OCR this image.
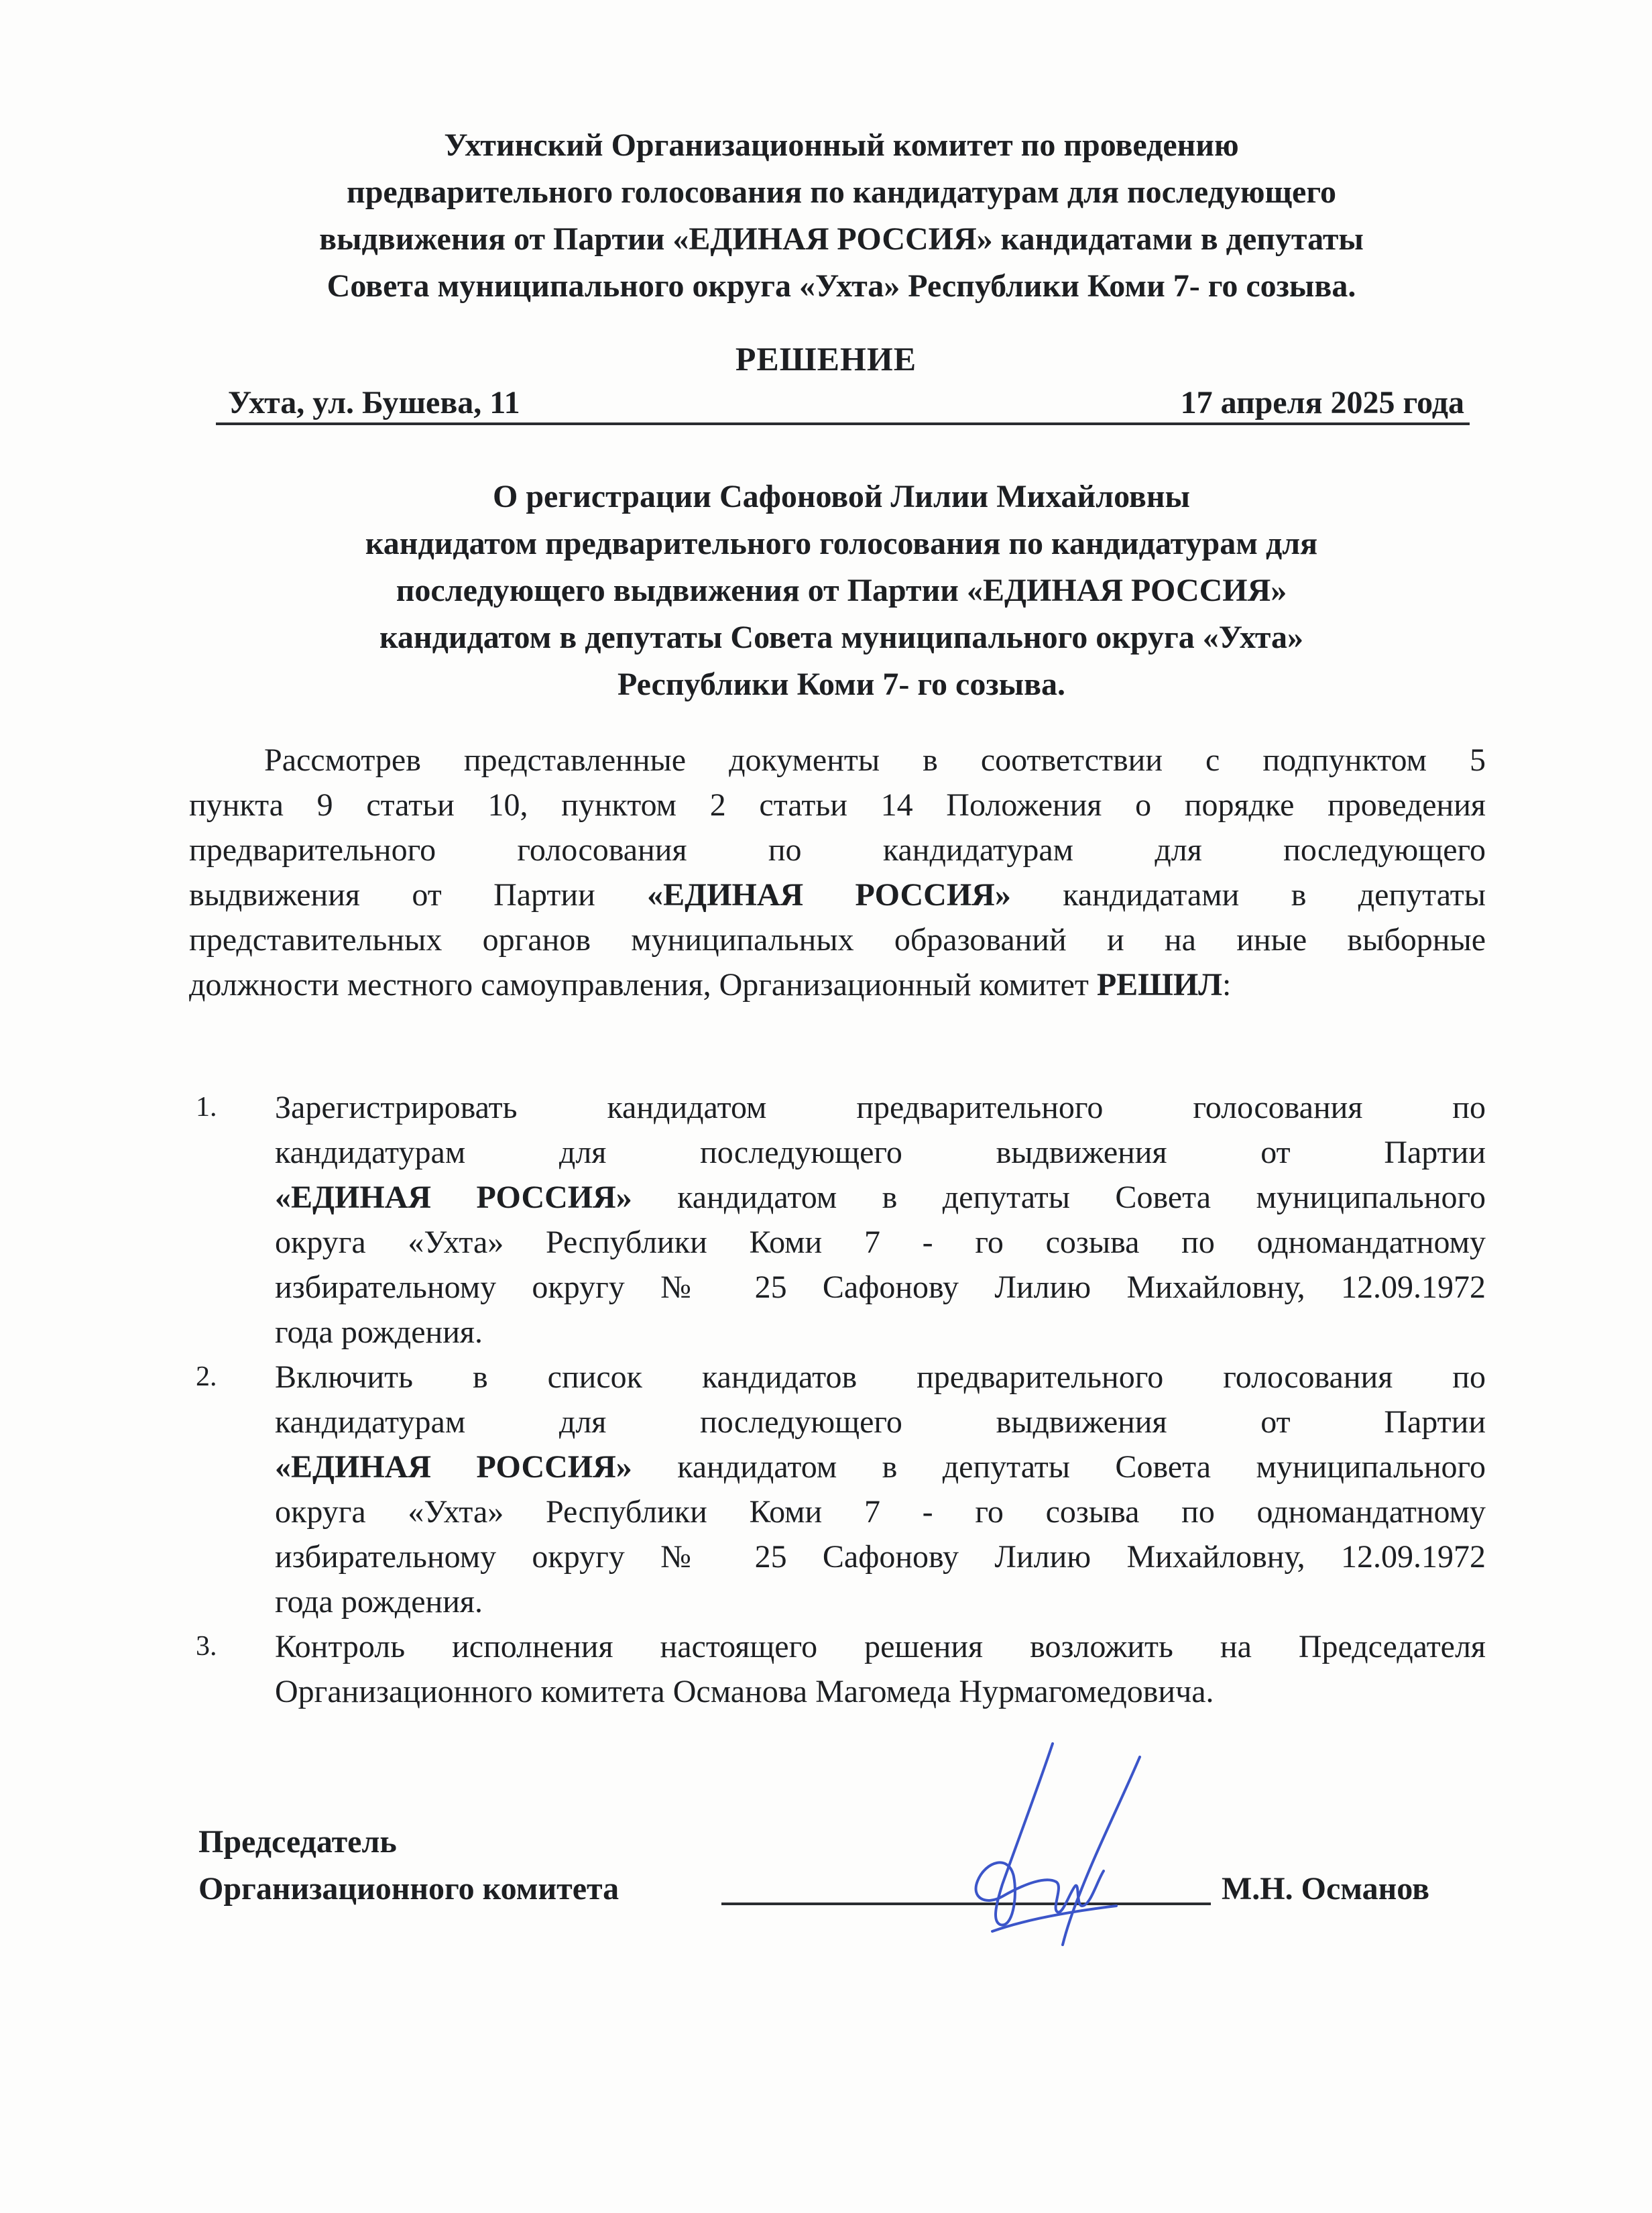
Ухтинский Организационный комитет по проведению
предварительного голосования по кандидатурам для последующего
выдвижения от Партии «ЕДИНАЯ РОССИЯ» кандидатами в депутаты
Совета муниципального округа «Ухта» Республики Коми 7- го созыва.
РЕШЕНИЕ
Ухта, ул. Бушева, 11	17 апреля 2025 года
О регистрации Сафоновой Лилии Михайловны
кандидатом предварительного голосования по кандидатурам для
последующего выдвижения от Партии «ЕДИНАЯ РОССИЯ»
кандидатом в депутаты Совета муниципального округа «Ухта»
Республики Коми 7- го созыва.
Рассмотрев представленные документы в соответствии с подпунктом 5
пункта 9 статьи 10, пунктом 2 статьи 14 Положения о порядке проведения
предварительного голосования по кандидатурам для последующего
выдвижения от Партии «ЕДИНАЯ РОССИЯ» кандидатами в депутаты
представительных органов муниципальных образований и на иные выборные
должности местного самоуправления, Организационный комитет РЕШИЛ:
1. Зарегистрировать кандидатом предварительного голосования по
кандидатурам для последующего выдвижения от Партии
«ЕДИНАЯ РОССИЯ» кандидатом в депутаты Совета муниципального
округа «Ухта» Республики Коми 7 - го созыва по одномандатному
избирательному округу № 25 Сафонову Лилию Михайловну, 12.09.1972
года рождения.
2. Включить в список кандидатов предварительного голосования по
кандидатурам для последующего выдвижения от Партии
«ЕДИНАЯ РОССИЯ» кандидатом в депутаты Совета муниципального
округа «Ухта» Республики Коми 7 - го созыва по одномандатному
избирательному округу № 25 Сафонову Лилию Михайловну, 12.09.1972
года рождения.
3. Контроль исполнения настоящего решения возложить на Председателя
Организационного комитета Османова Магомеда Нурмагомедовича.
Председатель
Организационного комитета	М.Н. Османов
